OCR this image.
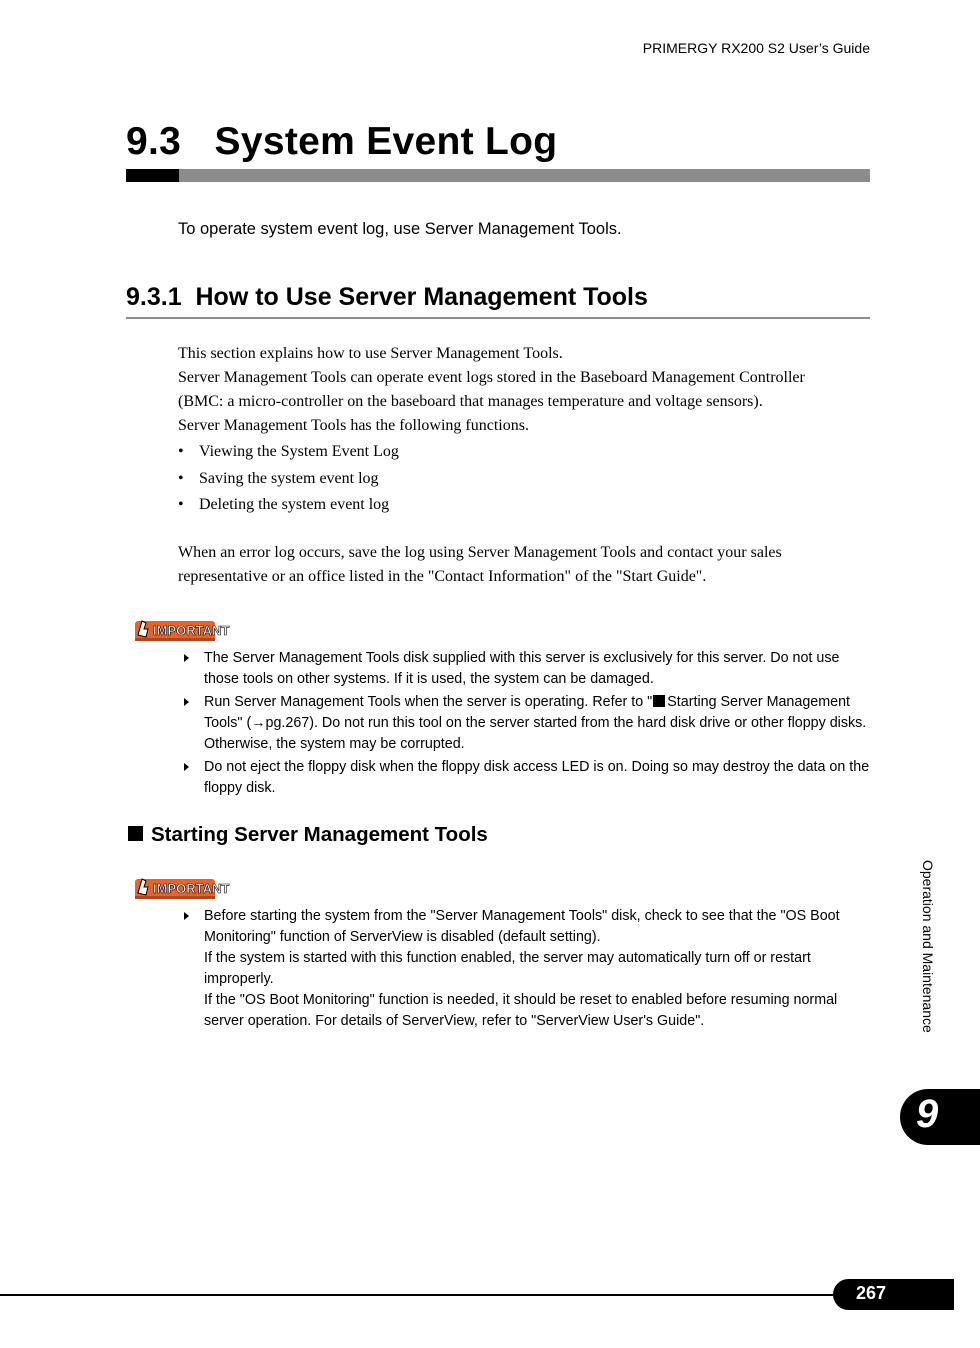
PRIMERGY RX200 S2 User’s Guide
9.3   System Event Log
To operate system event log, use Server Management Tools.
9.3.1  How to Use Server Management Tools
This section explains how to use Server Management Tools.
Server Management Tools can operate event logs stored in the Baseboard Management Controller
(BMC: a micro-controller on the baseboard that manages temperature and voltage sensors).
Server Management Tools has the following functions.
• Viewing the System Event Log
• Saving the system event log
• Deleting the system event log
When an error log occurs, save the log using Server Management Tools and contact your sales
representative or an office listed in the "Contact Information" of the "Start Guide".
IMPORTANT

The Server Management Tools disk supplied with this server is exclusively for this server. Do not use those tools on other systems. If it is used, the system can be damaged.

Run Server Management Tools when the server is operating. Refer to " Starting Server Management Tools" (→pg.267). Do not run this tool on the server started from the hard disk drive or other floppy disks. Otherwise, the system may be corrupted.

Do not eject the floppy disk when the floppy disk access LED is on. Doing so may destroy the data on the floppy disk.

Starting Server Management Tools
IMPORTANT

Before starting the system from the "Server Management Tools" disk, check to see that the "OS Boot Monitoring" function of ServerView is disabled (default setting).

If the system is started with this function enabled, the server may automatically turn off or restart improperly.

If the "OS Boot Monitoring" function is needed, it should be reset to enabled before resuming normal server operation. For details of ServerView, refer to "ServerView User's Guide".	Operation and Maintenance
9
267
